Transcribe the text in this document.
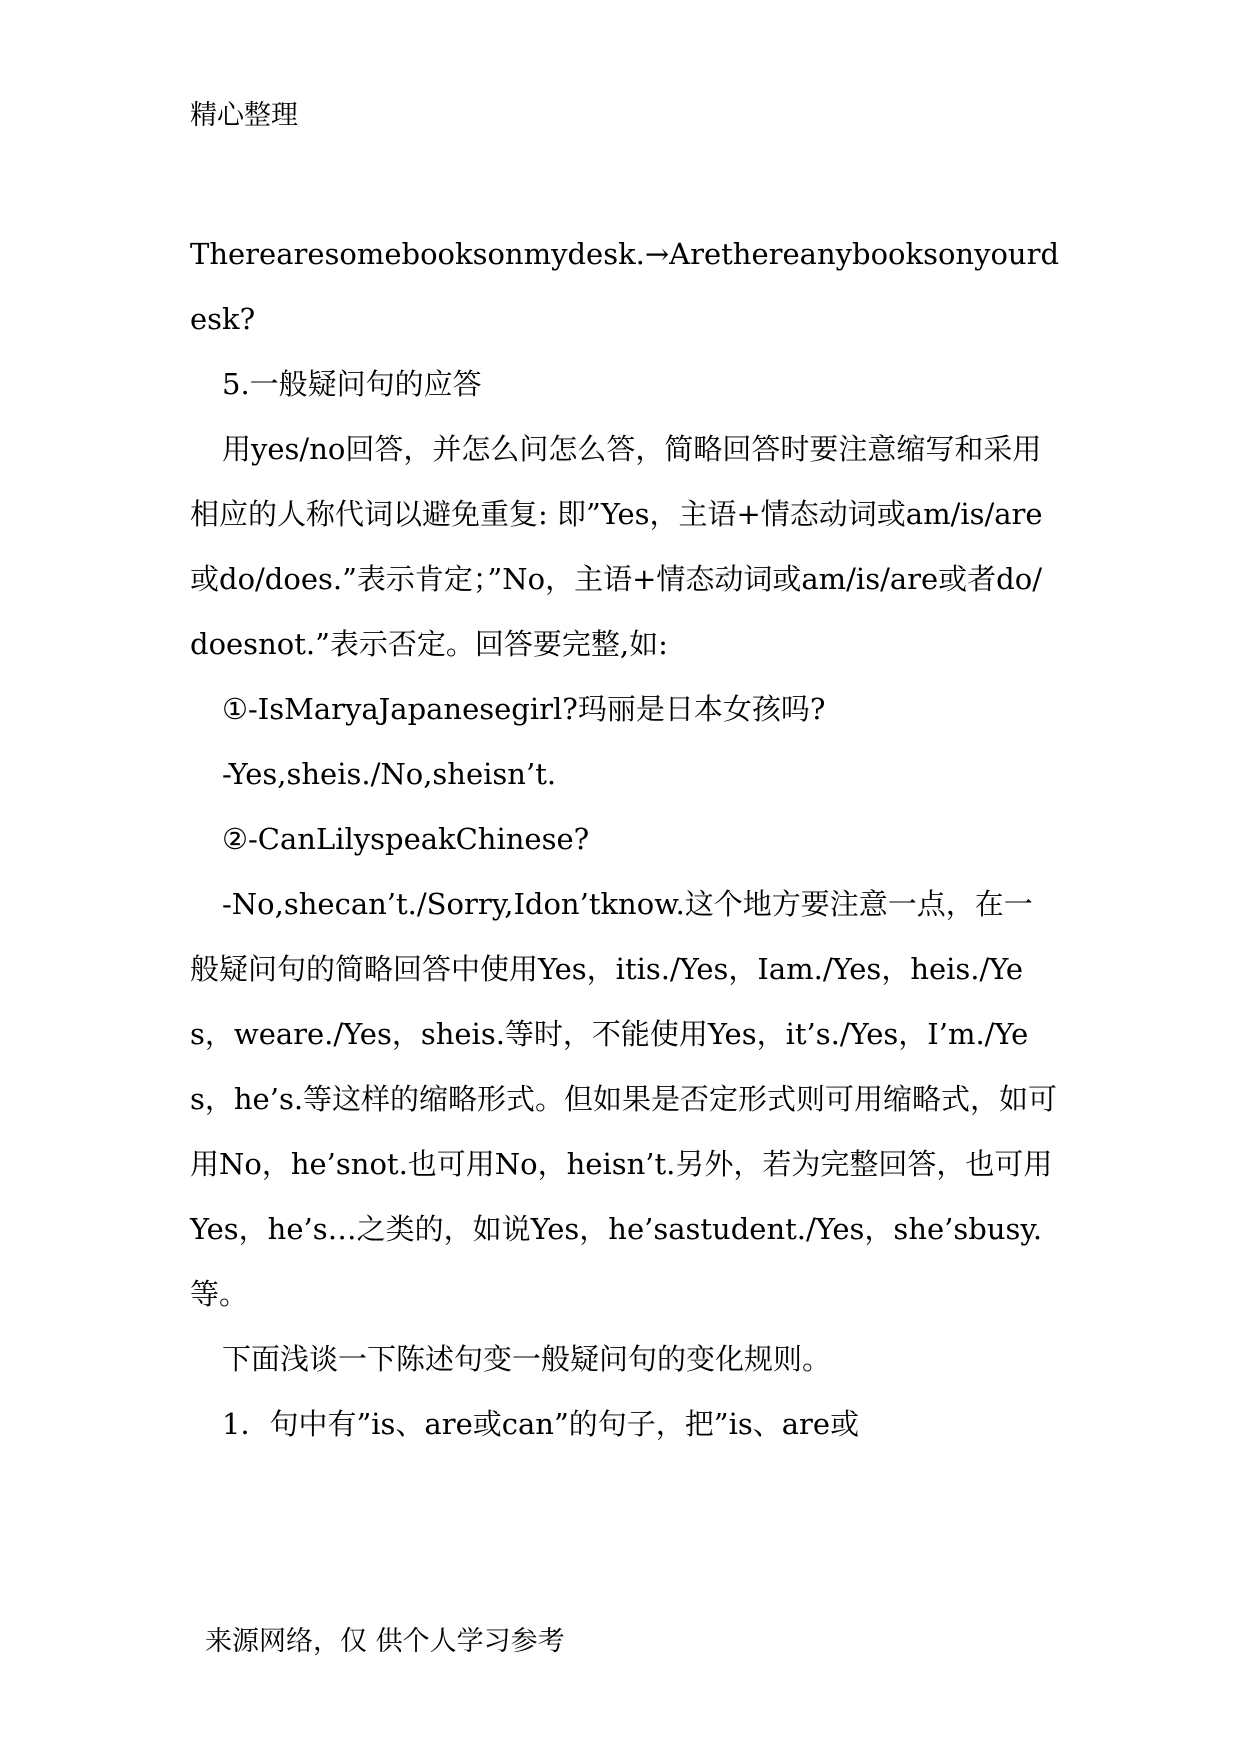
精心整理

Therearesomebooksonmydesk.→Arethereanybooksonyourdesk?

5.一般疑问句的应答

用yes/no回答，并怎么问怎么答，简略回答时要注意缩写和采用相应的人称代词以避免重复: 即”Yes，主语+情态动词或am/is/are或do/does.”表示肯定；”No，主语+情态动词或am/is/are或者do/doesnot.”表示否定。回答要完整,如:

①-IsMaryaJapanesegirl?玛丽是日本女孩吗?

-Yes,sheis./No,sheisn’t.

②-CanLilyspeakChinese?

-No,shecan’t./Sorry,Idon’tknow.这个地方要注意一点，在一般疑问句的简略回答中使用Yes，itis./Yes，Iam./Yes，heis./Yes，weare./Yes，sheis.等时，不能使用Yes，it’s./Yes，I’m./Yes，he’s.等这样的缩略形式。但如果是否定形式则可用缩略式，如可用No，he’snot.也可用No，heisn’t.另外，若为完整回答，也可用Yes，he’s…之类的，如说Yes，he’sastudent./Yes，she’sbusy.等。

下面浅谈一下陈述句变一般疑问句的变化规则。

1．句中有”is、are或can”的句子，把”is、are或

来源网络，仅 供个人学习参考
